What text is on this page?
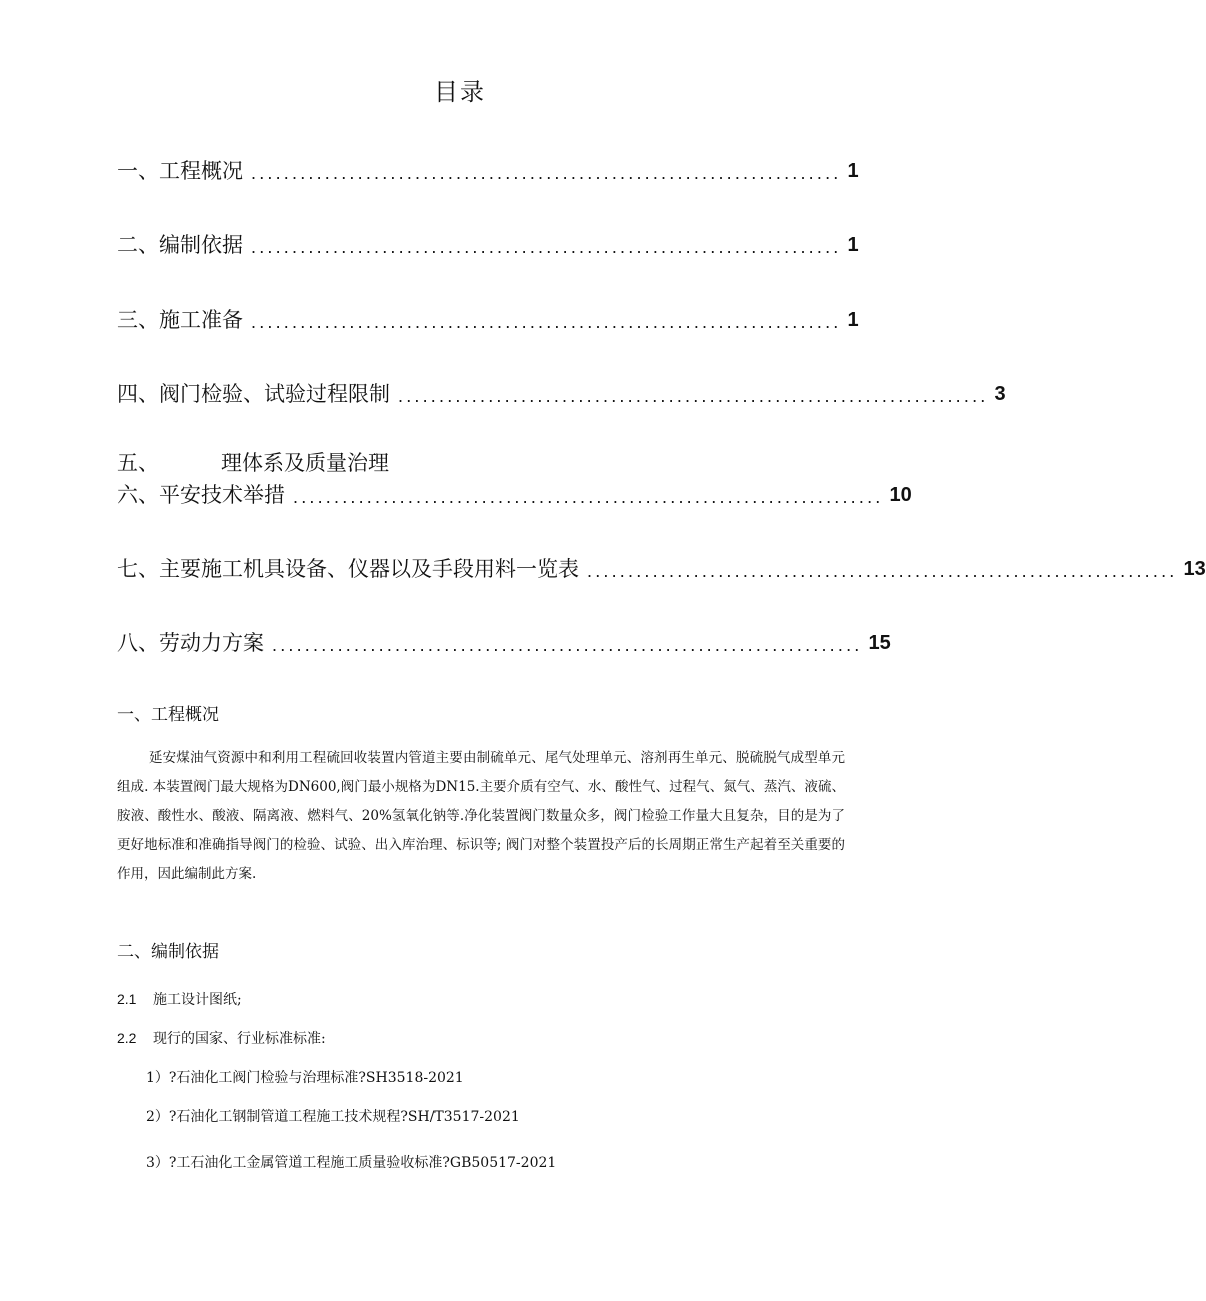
目录
一、工程概况 ........................................................................ 1
二、编制依据 ........................................................................ 1
三、施工准备 ........................................................................ 1
四、阀门检验、试验过程限制 ........................................................................ 3
五、	理体系及质量治理
六、平安技术举措 ........................................................................ 10
七、主要施工机具设备、仪器以及手段用料一览表 ........................................................................ 13
八、劳动力方案 ........................................................................ 15
一、工程概况
延安煤油气资源中和利用工程硫回收装置内管道主要由制硫单元、尾气处理单元、溶剂再生单元、脱硫脱气成型单元组成. 本装置阀门最大规格为DN600,阀门最小规格为DN15.主要介质有空气、水、酸性气、过程气、氮气、蒸汽、液硫、胺液、酸性水、酸液、隔离液、燃料气、20%氢氧化钠等.净化装置阀门数量众多，阀门检验工作量大且复杂，目的是为了更好地标准和准确指导阀门的检验、试验、出入库治理、标识等; 阀门对整个装置投产后的长周期正常生产起着至关重要的作用，因此编制此方案.
二、编制依据
2.1 施工设计图纸;
2.2 现行的国家、行业标准标准:
1）?石油化工阀门检验与治理标准?SH3518-2021
2）?石油化工钢制管道工程施工技术规程?SH/T3517-2021
3）?工石油化工金属管道工程施工质量验收标准?GB50517-2021
